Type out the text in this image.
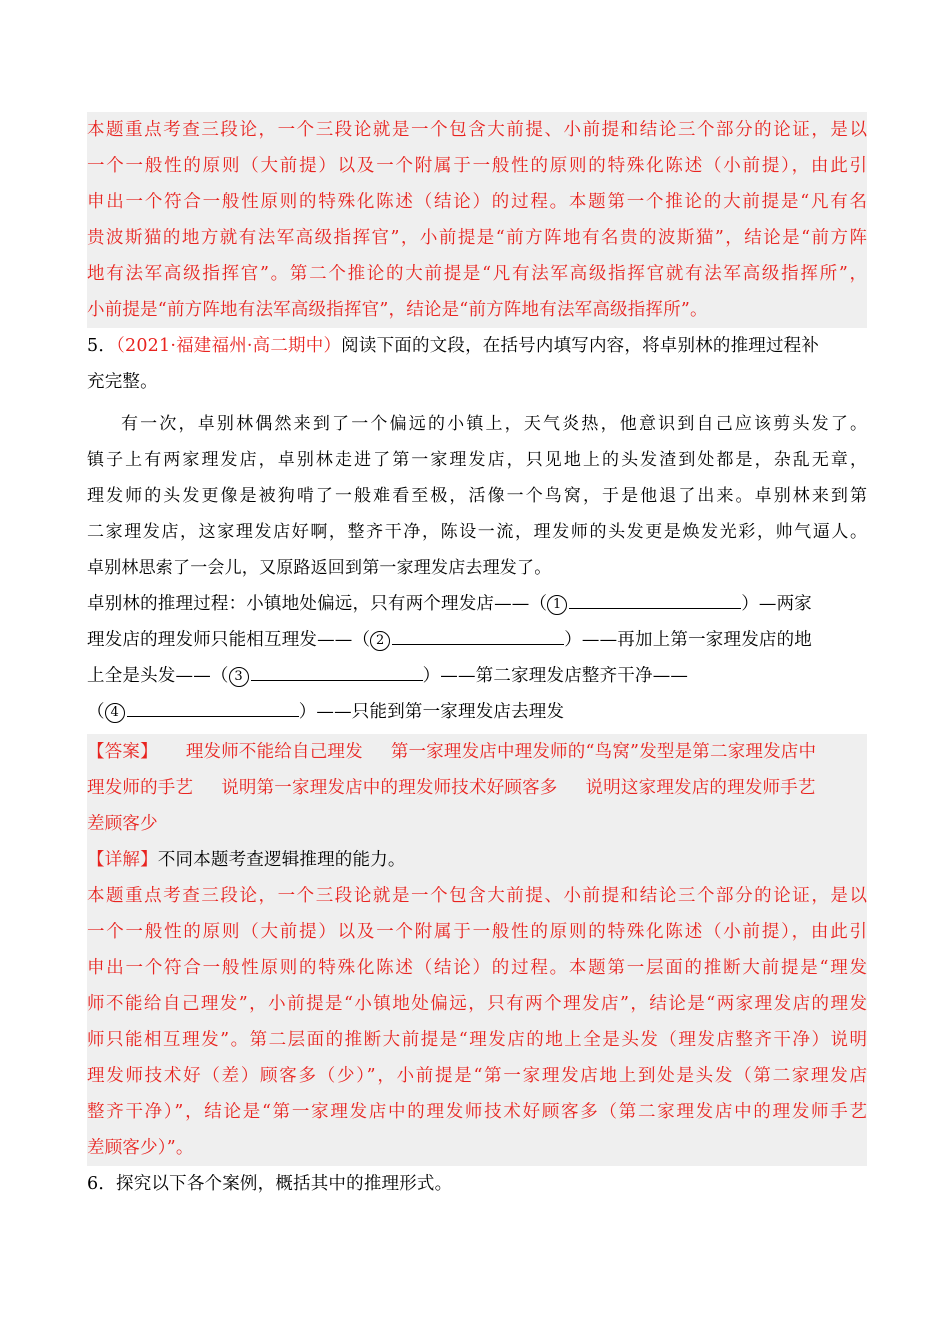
本题重点考查三段论，一个三段论就是一个包含大前提、小前提和结论三个部分的论证，是以
一个一般性的原则（大前提）以及一个附属于一般性的原则的特殊化陈述（小前提），由此引
申出一个符合一般性原则的特殊化陈述（结论）的过程。本题第一个推论的大前提是“凡有名
贵波斯猫的地方就有法军高级指挥官”，小前提是“前方阵地有名贵的波斯猫”，结论是“前方阵
地有法军高级指挥官”。第二个推论的大前提是“凡有法军高级指挥官就有法军高级指挥所”，
小前提是“前方阵地有法军高级指挥官”，结论是“前方阵地有法军高级指挥所”。
5．（2021·福建福州·高二期中）阅读下面的文段，在括号内填写内容，将卓别林的推理过程补
充完整。
有一次，卓别林偶然来到了一个偏远的小镇上，天气炎热，他意识到自己应该剪头发了。
镇子上有两家理发店，卓别林走进了第一家理发店，只见地上的头发渣到处都是，杂乱无章，
理发师的头发更像是被狗啃了一般难看至极，活像一个鸟窝，于是他退了出来。卓别林来到第
二家理发店，这家理发店好啊，整齐干净，陈设一流，理发师的头发更是焕发光彩，帅气逼人。
卓别林思索了一会儿，又原路返回到第一家理发店去理发了。
卓别林的推理过程：小镇地处偏远，只有两个理发店——（ 1	）—两家
理发店的理发师只能相互理发——（ 2	）——再加上第一家理发店的地
上全是头发——（ 3	）——第二家理发店整齐干净——
（ 4	）——只能到第一家理发店去理发
【答案】 理发师不能给自己理发 第一家理发店中理发师的“鸟窝”发型是第二家理发店中
理发师的手艺 说明第一家理发店中的理发师技术好顾客多 说明这家理发店的理发师手艺
差顾客少
【详解】不同本题考查逻辑推理的能力。
本题重点考查三段论，一个三段论就是一个包含大前提、小前提和结论三个部分的论证，是以
一个一般性的原则（大前提）以及一个附属于一般性的原则的特殊化陈述（小前提），由此引
申出一个符合一般性原则的特殊化陈述（结论）的过程。本题第一层面的推断大前提是“理发
师不能给自己理发”，小前提是“小镇地处偏远，只有两个理发店”，结论是“两家理发店的理发
师只能相互理发”。第二层面的推断大前提是“理发店的地上全是头发（理发店整齐干净）说明
理发师技术好（差）顾客多（少）”，小前提是“第一家理发店地上到处是头发（第二家理发店
整齐干净）”，结论是“第一家理发店中的理发师技术好顾客多（第二家理发店中的理发师手艺
差顾客少）”。
6．探究以下各个案例，概括其中的推理形式。
